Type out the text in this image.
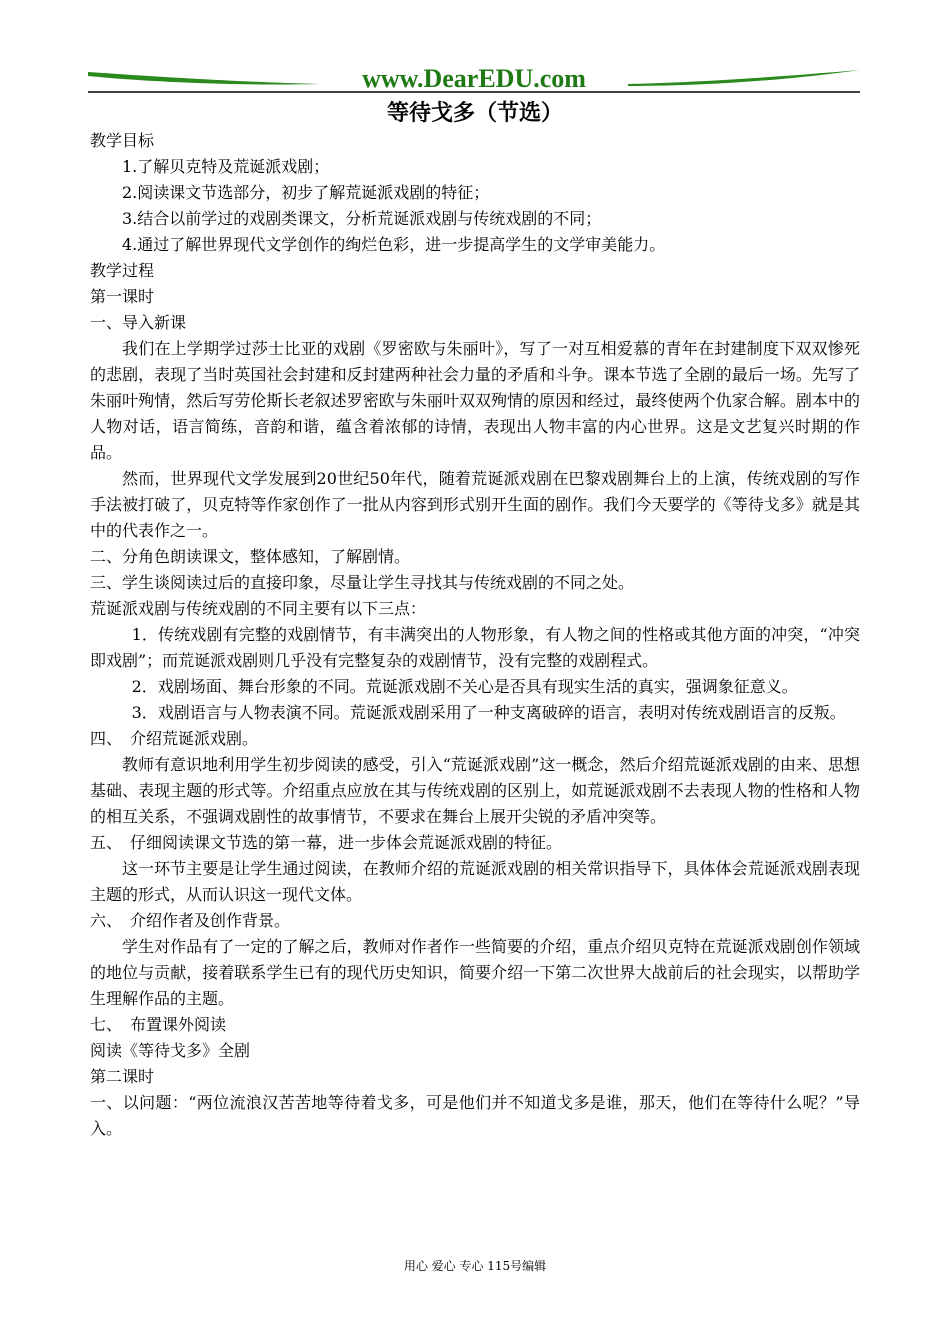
www.DearEDU.com
等待戈多（节选）

教学目标

1.了解贝克特及荒诞派戏剧；

2.阅读课文节选部分，初步了解荒诞派戏剧的特征；

3.结合以前学过的戏剧类课文，分析荒诞派戏剧与传统戏剧的不同；

4.通过了解世界现代文学创作的绚烂色彩，进一步提高学生的文学审美能力。

教学过程

第一课时

一、导入新课

我们在上学期学过莎士比亚的戏剧《罗密欧与朱丽叶》，写了一对互相爱慕的青年在封建制度下双双惨死的悲剧，表现了当时英国社会封建和反封建两种社会力量的矛盾和斗争。课本节选了全剧的最后一场。先写了朱丽叶殉情，然后写劳伦斯长老叙述罗密欧与朱丽叶双双殉情的原因和经过，最终使两个仇家合解。剧本中的人物对话，语言简练，音韵和谐，蕴含着浓郁的诗情，表现出人物丰富的内心世界。这是文艺复兴时期的作品。

然而，世界现代文学发展到20世纪50年代，随着荒诞派戏剧在巴黎戏剧舞台上的上演，传统戏剧的写作手法被打破了，贝克特等作家创作了一批从内容到形式别开生面的剧作。我们今天要学的《等待戈多》就是其中的代表作之一。

二、分角色朗读课文，整体感知，了解剧情。

三、学生谈阅读过后的直接印象，尽量让学生寻找其与传统戏剧的不同之处。

荒诞派戏剧与传统戏剧的不同主要有以下三点：

1．传统戏剧有完整的戏剧情节，有丰满突出的人物形象，有人物之间的性格或其他方面的冲突，“冲突即戏剧”；而荒诞派戏剧则几乎没有完整复杂的戏剧情节，没有完整的戏剧程式。

2．戏剧场面、舞台形象的不同。荒诞派戏剧不关心是否具有现实生活的真实，强调象征意义。

3．戏剧语言与人物表演不同。荒诞派戏剧采用了一种支离破碎的语言，表明对传统戏剧语言的反叛。

四、　介绍荒诞派戏剧。

教师有意识地利用学生初步阅读的感受，引入“荒诞派戏剧”这一概念，然后介绍荒诞派戏剧的由来、思想基础、表现主题的形式等。介绍重点应放在其与传统戏剧的区别上，如荒诞派戏剧不去表现人物的性格和人物的相互关系，不强调戏剧性的故事情节，不要求在舞台上展开尖锐的矛盾冲突等。

五、　仔细阅读课文节选的第一幕，进一步体会荒诞派戏剧的特征。

这一环节主要是让学生通过阅读，在教师介绍的荒诞派戏剧的相关常识指导下，具体体会荒诞派戏剧表现主题的形式，从而认识这一现代文体。

六、　介绍作者及创作背景。

学生对作品有了一定的了解之后，教师对作者作一些简要的介绍，重点介绍贝克特在荒诞派戏剧创作领域的地位与贡献，接着联系学生已有的现代历史知识，简要介绍一下第二次世界大战前后的社会现实，以帮助学生理解作品的主题。

七、　布置课外阅读

阅读《等待戈多》全剧

第二课时

一、以问题：“两位流浪汉苦苦地等待着戈多，可是他们并不知道戈多是谁，那天，他们在等待什么呢？”导入。

用心 爱心 专心 115号编辑
